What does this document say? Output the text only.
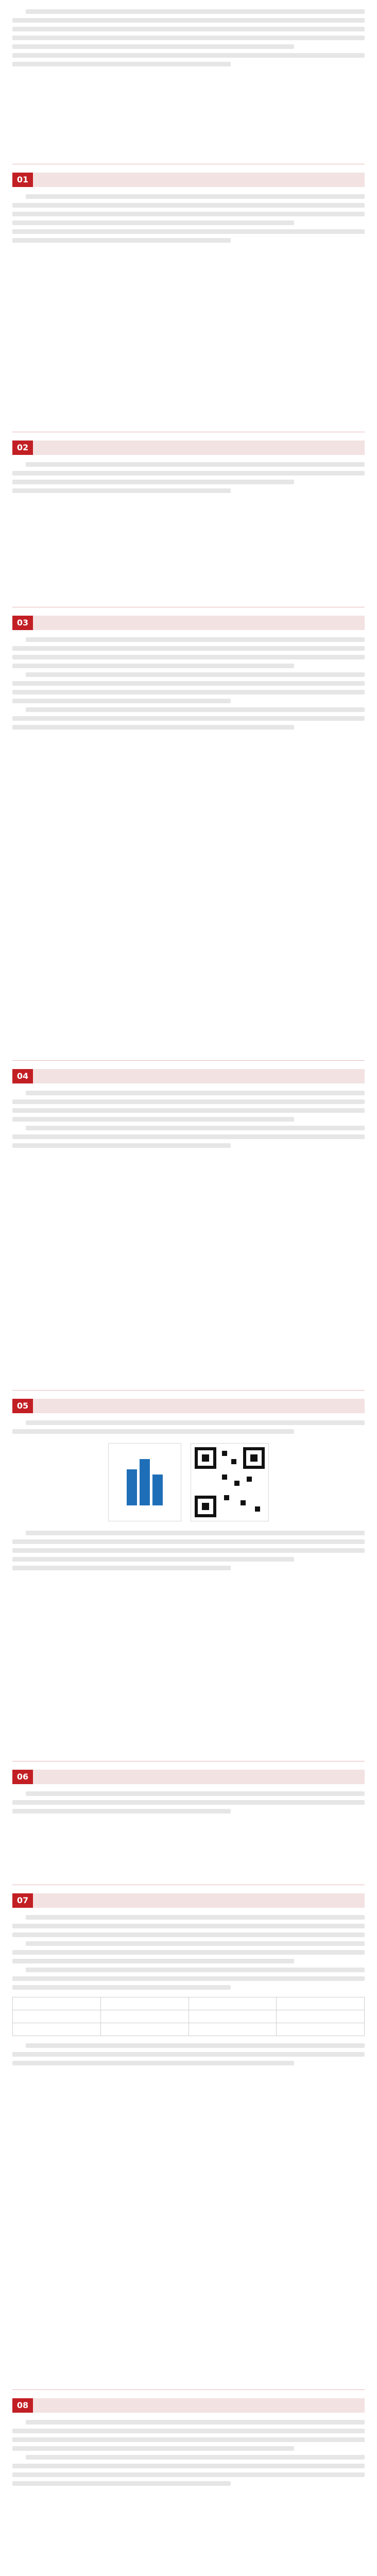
01
02
03
04
05
06
07

08
